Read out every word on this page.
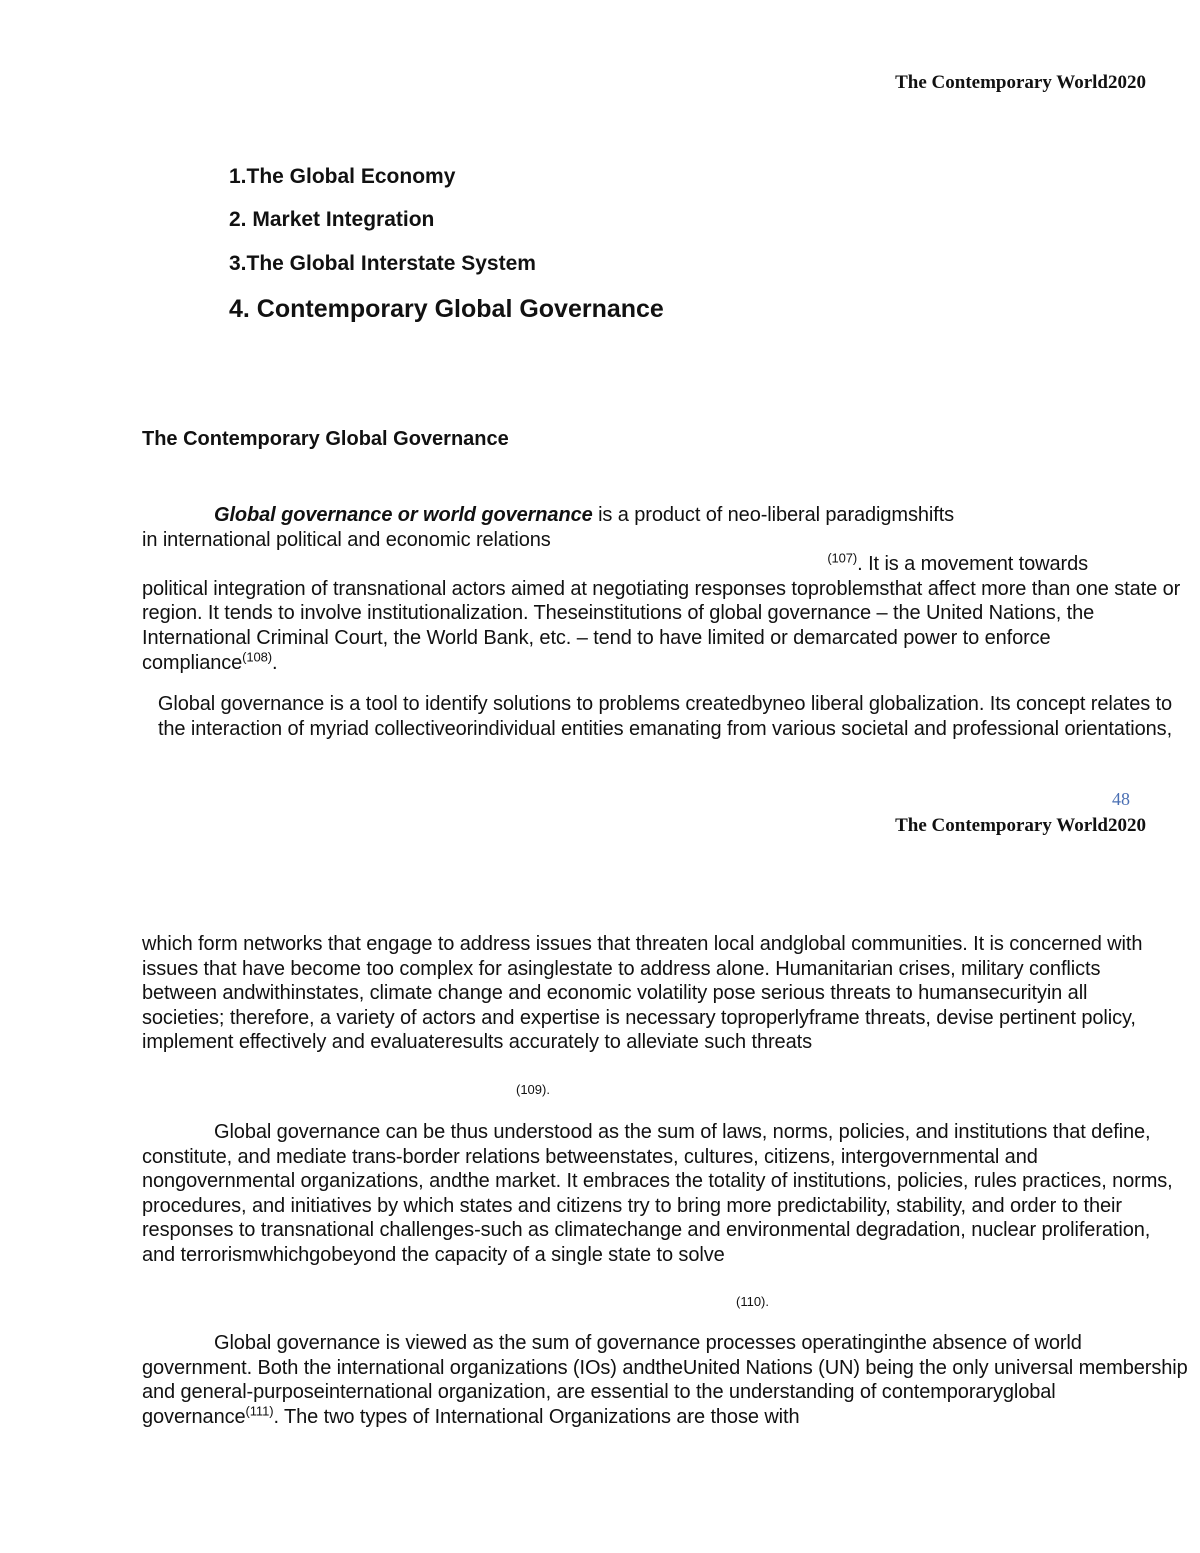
The Contemporary World2020
1.The Global Economy
2. Market Integration
3.The Global Interstate System
4. Contemporary Global Governance
The Contemporary Global Governance

Global governance or world governance is a product of neo-liberal paradigmshifts

in international political and economic relations

$^{(107)}$. It is a movement towards

political integration of transnational actors aimed at negotiating responses toproblemsthat affect more than one state or region. It tends to involve institutionalization. Theseinstitutions of global governance – the United Nations, the International Criminal Court, the World Bank, etc. – tend to have limited or demarcated power to enforce compliance$^{(108)}$.

Global governance is a tool to identify solutions to problems createdbyneo liberal globalization. Its concept relates to the interaction of myriad collectiveorindividual entities emanating from various societal and professional orientations,

48
The Contemporary World2020

which form networks that engage to address issues that threaten local andglobal communities. It is concerned with issues that have become too complex for asinglestate to address alone. Humanitarian crises, military conflicts between andwithinstates, climate change and economic volatility pose serious threats to humansecurityin all societies; therefore, a variety of actors and expertise is necessary toproperlyframe threats, devise pertinent policy, implement effectively and evaluateresults accurately to alleviate such threats

(109).

Global governance can be thus understood as the sum of laws, norms, policies, and institutions that define, constitute, and mediate trans-border relations betweenstates, cultures, citizens, intergovernmental and nongovernmental organizations, andthe market. It embraces the totality of institutions, policies, rules practices, norms, procedures, and initiatives by which states and citizens try to bring more predictability, stability, and order to their responses to transnational challenges-such as climatechange and environmental degradation, nuclear proliferation, and terrorismwhichgobeyond the capacity of a single state to solve

(110).

Global governance is viewed as the sum of governance processes operatinginthe absence of world government. Both the international organizations (IOs) andtheUnited Nations (UN) being the only universal membership and general-purposeinternational organization, are essential to the understanding of contemporaryglobal governance$^{(111)}$. The two types of International Organizations are those with
